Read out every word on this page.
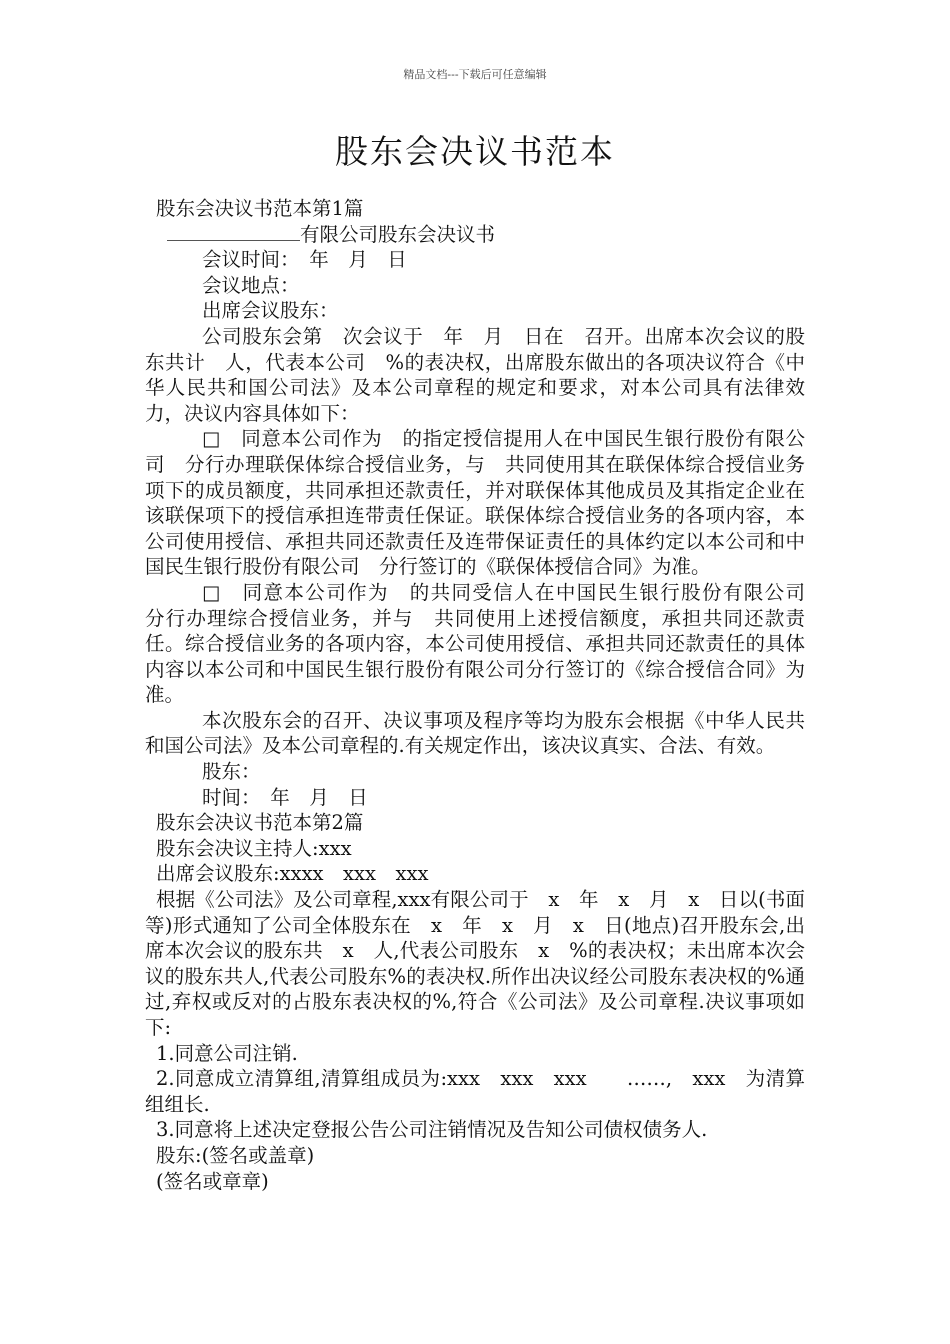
精品文档---下载后可任意编辑
股东会决议书范本

股东会决议书范本第1篇

有限公司股东会决议书

会议时间：　年　月　日

会议地点：

出席会议股东：

公司股东会第　次会议于　年　月　日在　召开。出席本次会议的股东共计　人，代表本公司　%的表决权，出席股东做出的各项决议符合《中华人民共和国公司法》及本公司章程的规定和要求，对本公司具有法律效力，决议内容具体如下：

□　同意本公司作为　的指定授信提用人在中国民生银行股份有限公司　分行办理联保体综合授信业务，与　共同使用其在联保体综合授信业务项下的成员额度，共同承担还款责任，并对联保体其他成员及其指定企业在该联保项下的授信承担连带责任保证。联保体综合授信业务的各项内容，本公司使用授信、承担共同还款责任及连带保证责任的具体约定以本公司和中国民生银行股份有限公司　分行签订的《联保体授信合同》为准。

□　同意本公司作为　的共同受信人在中国民生银行股份有限公司　分行办理综合授信业务，并与　共同使用上述授信额度，承担共同还款责任。综合授信业务的各项内容，本公司使用授信、承担共同还款责任的具体内容以本公司和中国民生银行股份有限公司分行签订的《综合授信合同》为准。

本次股东会的召开、决议事项及程序等均为股东会根据《中华人民共和国公司法》及本公司章程的.有关规定作出，该决议真实、合法、有效。

股东：

时间：　年　月　日

股东会决议书范本第2篇

股东会决议主持人:xxx

出席会议股东:xxxx　xxx　xxx

根据《公司法》及公司章程,xxx有限公司于　x　年　x　月　x　日以(书面等)形式通知了公司全体股东在　x　年　x　月　x　日(地点)召开股东会,出席本次会议的股东共　x　人,代表公司股东　x　%的表决权；未出席本次会议的股东共人,代表公司股东%的表决权.所作出决议经公司股东表决权的%通过,弃权或反对的占股东表决权的%,符合《公司法》及公司章程.决议事项如下:

1.同意公司注销.

2.同意成立清算组,清算组成员为:xxx　xxx　xxx　　……,　xxx　为清算组组长.

3.同意将上述决定登报公告公司注销情况及告知公司债权债务人.

股东:(签名或盖章)

(签名或章章)
